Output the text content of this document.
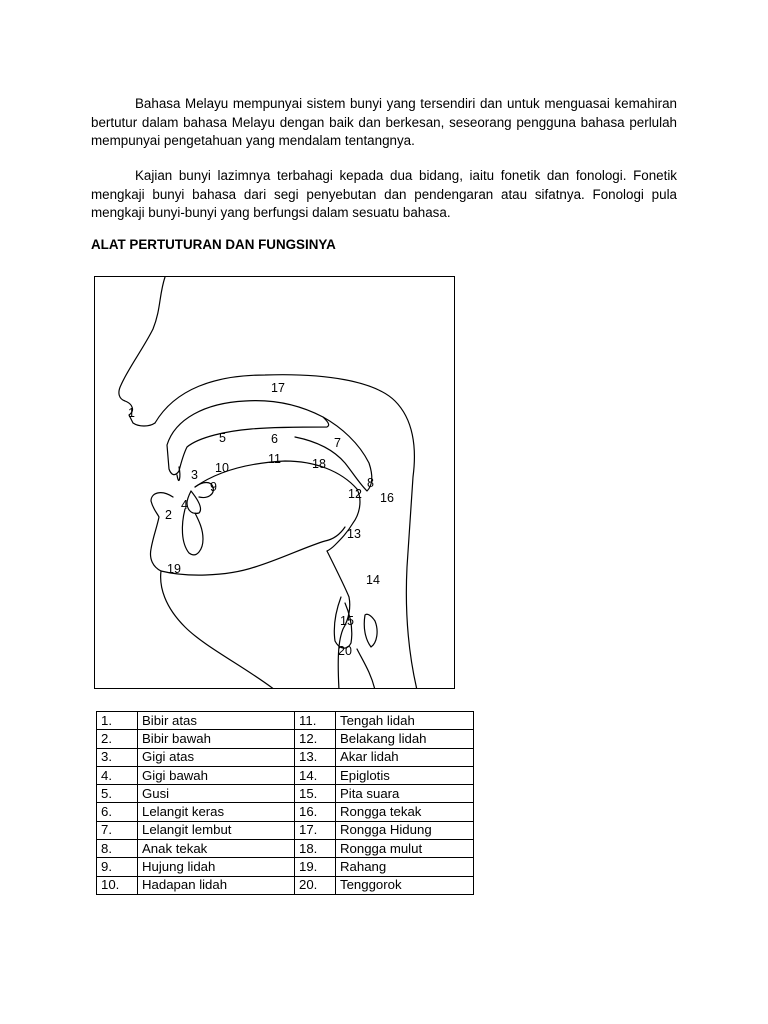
Bahasa Melayu mempunyai sistem bunyi yang tersendiri dan untuk menguasai kemahiran bertutur dalam bahasa Melayu dengan baik dan berkesan, seseorang pengguna bahasa perlulah mempunyai pengetahuan yang mendalam tentangnya.

Kajian bunyi lazimnya terbahagi kepada dua bidang, iaitu fonetik dan fonologi. Fonetik mengkaji bunyi bahasa dari segi penyebutan dan pendengaran atau sifatnya. Fonologi pula mengkaji bunyi-bunyi yang berfungsi dalam sesuatu bahasa.

ALAT PERTUTURAN DAN FUNGSINYA
1
2
3
4
5	6	7
8
9
10
11
12
13
14
15
16
17
18
19
20
1.	Bibir atas	11.	Tengah lidah
2.	Bibir bawah	12.	Belakang lidah
3.	Gigi atas	13.	Akar lidah
4.	Gigi bawah	14.	Epiglotis
5.	Gusi	15.	Pita suara
6.	Lelangit keras	16.	Rongga tekak
7.	Lelangit lembut	17.	Rongga Hidung
8.	Anak tekak	18.	Rongga mulut
9.	Hujung lidah	19.	Rahang
10.	Hadapan lidah	20.	Tenggorok
